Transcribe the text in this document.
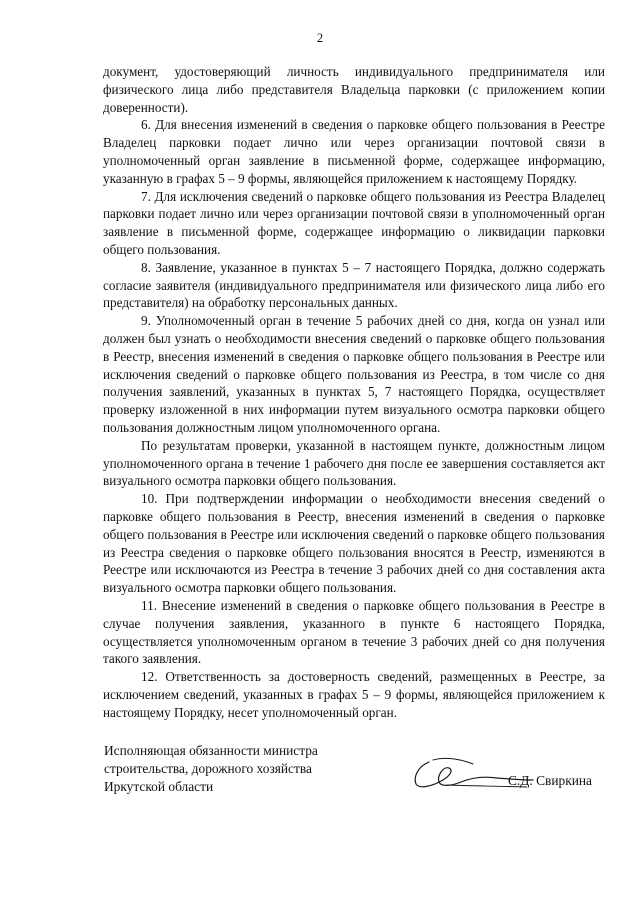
2

документ, удостоверяющий личность индивидуального предпринимателя или физического лица либо представителя Владельца парковки (с приложением копии доверенности).

6. Для внесения изменений в сведения о парковке общего пользования в Реестре Владелец парковки подает лично или через организации почтовой связи в уполномоченный орган заявление в письменной форме, содержащее информацию, указанную в графах 5 – 9 формы, являющейся приложением к настоящему Порядку.

7. Для исключения сведений о парковке общего пользования из Реестра Владелец парковки подает лично или через организации почтовой связи в уполномоченный орган заявление в письменной форме, содержащее информацию о ликвидации парковки общего пользования.

8. Заявление, указанное в пунктах 5 – 7 настоящего Порядка, должно содержать согласие заявителя (индивидуального предпринимателя или физического лица либо его представителя) на обработку персональных данных.

9. Уполномоченный орган в течение 5 рабочих дней со дня, когда он узнал или должен был узнать о необходимости внесения сведений о парковке общего пользования в Реестр, внесения изменений в сведения о парковке общего пользования в Реестре или исключения сведений о парковке общего пользования из Реестра, в том числе со дня получения заявлений, указанных в пунктах 5, 7 настоящего Порядка, осуществляет проверку изложенной в них информации путем визуального осмотра парковки общего пользования должностным лицом уполномоченного органа.

По результатам проверки, указанной в настоящем пункте, должностным лицом уполномоченного органа в течение 1 рабочего дня после ее завершения составляется акт визуального осмотра парковки общего пользования.

10. При подтверждении информации о необходимости внесения сведений о парковке общего пользования в Реестр, внесения изменений в сведения о парковке общего пользования в Реестре или исключения сведений о парковке общего пользования из Реестра сведения о парковке общего пользования вносятся в Реестр, изменяются в Реестре или исключаются из Реестра в течение 3 рабочих дней со дня составления акта визуального осмотра парковки общего пользования.

11. Внесение изменений в сведения о парковке общего пользования в Реестре в случае получения заявления, указанного в пункте 6 настоящего Порядка, осуществляется уполномоченным органом в течение 3 рабочих дней со дня получения такого заявления.

12. Ответственность за достоверность сведений, размещенных в Реестре, за исключением сведений, указанных в графах 5 – 9 формы, являющейся приложением к настоящему Порядку, несет уполномоченный орган.

Исполняющая обязанности министра
строительства, дорожного хозяйства
Иркутской области	С.Д. Свиркина
